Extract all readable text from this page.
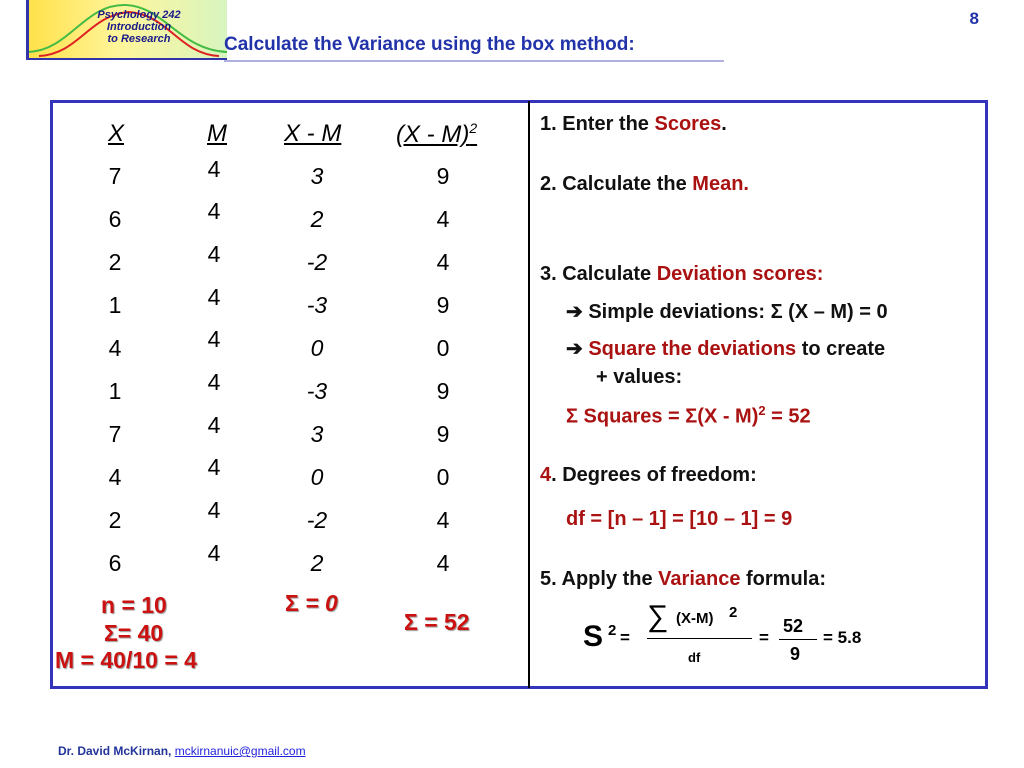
Psychology 242
Introduction
to Research	Calculate the Variance using the box method:
8
X	M X - M (X - M)$^2$
7
6
2
1
4
1
7
4
2
6
4
4
4
4
4
4
4
4
4
4
3
2
-2
-3
0
-3
3
0
-2
2
9
4
4
9
0
9
9
0
4
4
n = 10
Σ= 40
M = 40/10 = 4
Σ = 0
Σ = 52
1. Enter the Scores.
2. Calculate the Mean.
3. Calculate Deviation scores:
➔ Simple deviations: Σ (X – M) = 0
➔ Square the deviations to create
+ values:
Σ Squares = Σ(X - M)$^2$ = 52
4. Degrees of freedom:
df = [n – 1] = [10 – 1] = 9
5. Apply the Variance formula:
S 2 =
∑ (X-M) 2
df
=
52
9
= 5.8
Dr. David McKirnan, mckirnanuic@gmail.com
